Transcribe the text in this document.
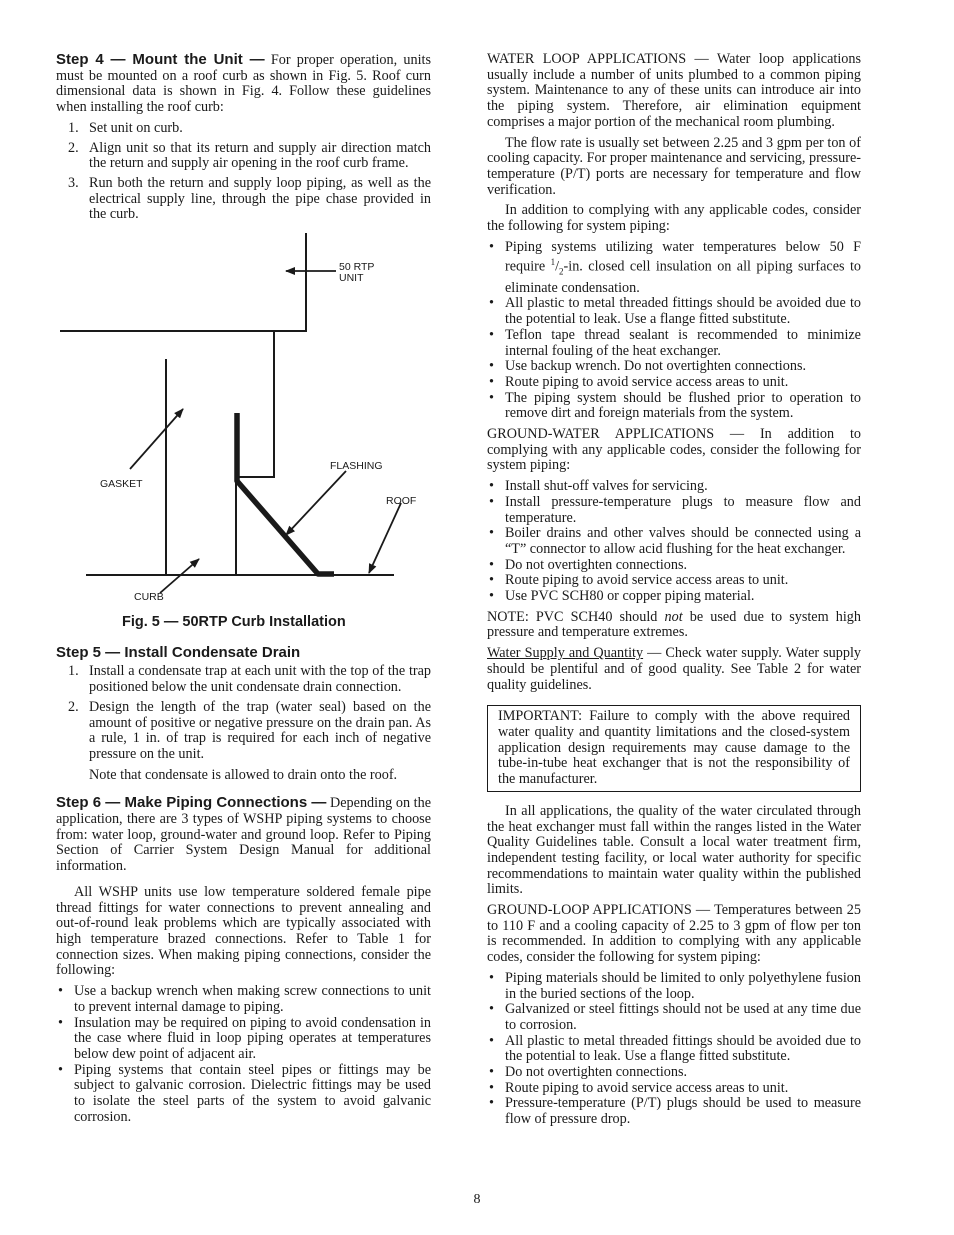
Step 4 — Mount the Unit — For proper operation, units must be mounted on a roof curb as shown in Fig. 5. Roof curn dimensional data is shown in Fig. 4. Follow these guidelines when installing the roof curb:

1. Set unit on curb.
2. Align unit so that its return and supply air direction match the return and supply air opening in the roof curb frame.
3. Run both the return and supply loop piping, as well as the electrical supply line, through the pipe chase provided in the curb.
50 RTP
UNIT
FLASHING
GASKET
ROOF
CURB
Fig. 5 — 50RTP Curb Installation
Step 5 — Install Condensate Drain
1. Install a condensate trap at each unit with the top of the trap positioned below the unit condensate drain connection.
2. Design the length of the trap (water seal) based on the amount of positive or negative pressure on the drain pan. As a rule, 1 in. of trap is required for each inch of negative pressure on the unit.
Note that condensate is allowed to drain onto the roof.

Step 6 — Make Piping Connections — Depending on the application, there are 3 types of WSHP piping systems to choose from: water loop, ground-water and ground loop. Refer to Piping Section of Carrier System Design Manual for additional information.

All WSHP units use low temperature soldered female pipe thread fittings for water connections to prevent annealing and out-of-round leak problems which are typically associated with high temperature brazed connections. Refer to Table 1 for connection sizes. When making piping connections, consider the following:

• Use a backup wrench when making screw connections to unit to prevent internal damage to piping.
• Insulation may be required on piping to avoid condensation in the case where fluid in loop piping operates at temperatures below dew point of adjacent air.
• Piping systems that contain steel pipes or fittings may be subject to galvanic corrosion. Dielectric fittings may be used to isolate the steel parts of the system to avoid galvanic corrosion.

WATER LOOP APPLICATIONS — Water loop applications usually include a number of units plumbed to a common piping system. Maintenance to any of these units can introduce air into the piping system. Therefore, air elimination equipment comprises a major portion of the mechanical room plumbing.

The flow rate is usually set between 2.25 and 3 gpm per ton of cooling capacity. For proper maintenance and servicing, pressure-temperature (P/T) ports are necessary for temperature and flow verification.

In addition to complying with any applicable codes, consider the following for system piping:

• Piping systems utilizing water temperatures below 50 F require $^1/_2-in$. closed cell insulation on all piping surfaces to eliminate condensation.
• All plastic to metal threaded fittings should be avoided due to the potential to leak. Use a flange fitted substitute.
• Teflon tape thread sealant is recommended to minimize internal fouling of the heat exchanger.
• Use backup wrench. Do not overtighten connections.
• Route piping to avoid service access areas to unit.
• The piping system should be flushed prior to operation to remove dirt and foreign materials from the system.

GROUND-WATER APPLICATIONS — In addition to complying with any applicable codes, consider the following for system piping:

• Install shut-off valves for servicing.
• Install pressure-temperature plugs to measure flow and temperature.
• Boiler drains and other valves should be connected using a “T” connector to allow acid flushing for the heat exchanger.
• Do not overtighten connections.
• Route piping to avoid service access areas to unit.
• Use PVC SCH80 or copper piping material.

NOTE: PVC SCH40 should not be used due to system high pressure and temperature extremes.

Water Supply and Quantity — Check water supply. Water supply should be plentiful and of good quality. See Table 2 for water quality guidelines.

IMPORTANT: Failure to comply with the above required water quality and quantity limitations and the closed-system application design requirements may cause damage to the tube-in-tube heat exchanger that is not the responsibility of the manufacturer.

In all applications, the quality of the water circulated through the heat exchanger must fall within the ranges listed in the Water Quality Guidelines table. Consult a local water treatment firm, independent testing facility, or local water authority for specific recommendations to maintain water quality within the published limits.

GROUND-LOOP APPLICATIONS — Temperatures between 25 to 110 F and a cooling capacity of 2.25 to 3 gpm of flow per ton is recommended. In addition to complying with any applicable codes, consider the following for system piping:

• Piping materials should be limited to only polyethylene fusion in the buried sections of the loop.
• Galvanized or steel fittings should not be used at any time due to corrosion.
• All plastic to metal threaded fittings should be avoided due to the potential to leak. Use a flange fitted substitute.
• Do not overtighten connections.
• Route piping to avoid service access areas to unit.
• Pressure-temperature (P/T) plugs should be used to measure flow of pressure drop.
8
